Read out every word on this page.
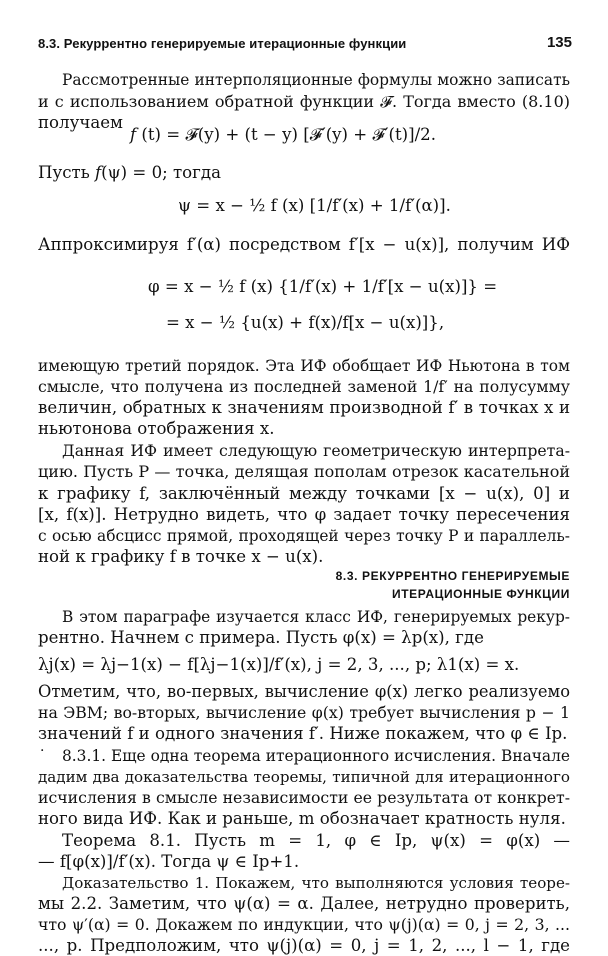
8.3. Рекуррентно генерируемые итерационные функции	135
Рассмотренные интерполяционные формулы можно записать
и с использованием обратной функции 𝓕. Тогда вместо (8.10)
получаем
𝑓 (t) = 𝓕(y) + (t − y) [𝓕′(y) + 𝓕′(t)]/2.
Пусть 𝑓(ψ) = 0; тогда
ψ = x − ½ f (x) [1/f′(x) + 1/f′(α)].
Аппроксимируя f′(α) посредством f′[x − u(x)], получим ИФ
φ = x − ½ f (x) {1/f′(x) + 1/f′[x − u(x)]} =
= x − ½ {u(x) + f(x)/f[x − u(x)]},
имеющую третий порядок. Эта ИФ обобщает ИФ Ньютона в том
смысле, что получена из последней заменой 1/f′ на полусумму
величин, обратных к значениям производной f′ в точках x и
ньютонова отображения x.
Данная ИФ имеет следующую геометрическую интерпрета-
цию. Пусть P — точка, делящая пополам отрезок касательной
к графику f, заключённый между точками [x − u(x), 0] и
[x, f(x)]. Нетрудно видеть, что φ задает точку пересечения
с осью абсцисс прямой, проходящей через точку P и параллель-
ной к графику f в точке x − u(x).
8.3. РЕКУРРЕНТНО ГЕНЕРИРУЕМЫЕ
ИТЕРАЦИОННЫЕ ФУНКЦИИ
В этом параграфе изучается класс ИФ, генерируемых рекур-
рентно. Начнем с примера. Пусть φ(x) = λp(x), где
λj(x) = λj−1(x) − f[λj−1(x)]/f′(x), j = 2, 3, ..., p; λ1(x) = x.
Отметим, что, во-первых, вычисление φ(x) легко реализуемо
на ЭВМ; во-вторых, вычисление φ(x) требует вычисления p − 1
значений f и одного значения f′. Ниже покажем, что φ ∈ Ip.
· 8.3.1. Еще одна теорема итерационного исчисления. Вначале
дадим два доказательства теоремы, типичной для итерационного
исчисления в смысле независимости ее результата от конкрет-
ного вида ИФ. Как и раньше, m обозначает кратность нуля.
Теорема 8.1. Пусть m = 1, φ ∈ Ip, ψ(x) = φ(x) —
— f[φ(x)]/f′(x). Тогда ψ ∈ Ip+1.
Доказательство 1. Покажем, что выполняются условия теоре-
мы 2.2. Заметим, что ψ(α) = α. Далее, нетрудно проверить,
что ψ′(α) = 0. Докажем по индукции, что ψ(j)(α) = 0, j = 2, 3, ...
..., p. Предположим, что ψ(j)(α) = 0, j = 1, 2, ..., l − 1, где
